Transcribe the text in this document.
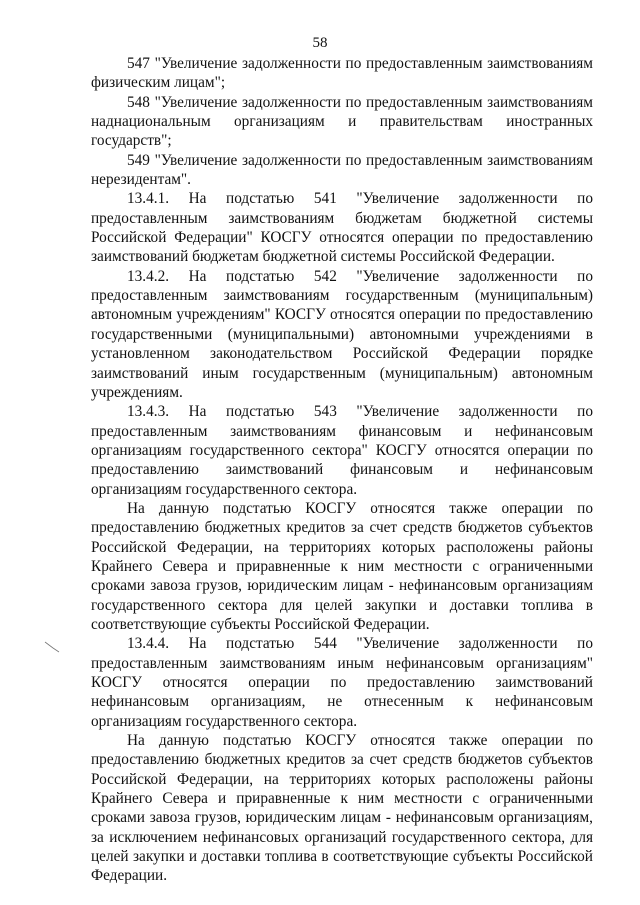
58

547 "Увеличение задолженности по предоставленным заимствованиям физическим лицам";

548 "Увеличение задолженности по предоставленным заимствованиям наднациональным организациям и правительствам иностранных государств";

549 "Увеличение задолженности по предоставленным заимствованиям нерезидентам".

13.4.1. На подстатью 541 "Увеличение задолженности по предоставленным заимствованиям бюджетам бюджетной системы Российской Федерации" КОСГУ относятся операции по предоставлению заимствований бюджетам бюджетной системы Российской Федерации.

13.4.2. На подстатью 542 "Увеличение задолженности по предоставленным заимствованиям государственным (муниципальным) автономным учреждениям" КОСГУ относятся операции по предоставлению государственными (муниципальными) автономными учреждениями в установленном законодательством Российской Федерации порядке заимствований иным государственным (муниципальным) автономным учреждениям.

13.4.3. На подстатью 543 "Увеличение задолженности по предоставленным заимствованиям финансовым и нефинансовым организациям государственного сектора" КОСГУ относятся операции по предоставлению заимствований финансовым и нефинансовым организациям государственного сектора.

На данную подстатью КОСГУ относятся также операции по предоставлению бюджетных кредитов за счет средств бюджетов субъектов Российской Федерации, на территориях которых расположены районы Крайнего Севера и приравненные к ним местности с ограниченными сроками завоза грузов, юридическим лицам - нефинансовым организациям государственного сектора для целей закупки и доставки топлива в соответствующие субъекты Российской Федерации.

13.4.4. На подстатью 544 "Увеличение задолженности по предоставленным заимствованиям иным нефинансовым организациям" КОСГУ относятся операции по предоставлению заимствований нефинансовым организациям, не отнесенным к нефинансовым организациям государственного сектора.

На данную подстатью КОСГУ относятся также операции по предоставлению бюджетных кредитов за счет средств бюджетов субъектов Российской Федерации, на территориях которых расположены районы Крайнего Севера и приравненные к ним местности с ограниченными сроками завоза грузов, юридическим лицам - нефинансовым организациям, за исключением нефинансовых организаций государственного сектора, для целей закупки и доставки топлива в соответствующие субъекты Российской Федерации.
